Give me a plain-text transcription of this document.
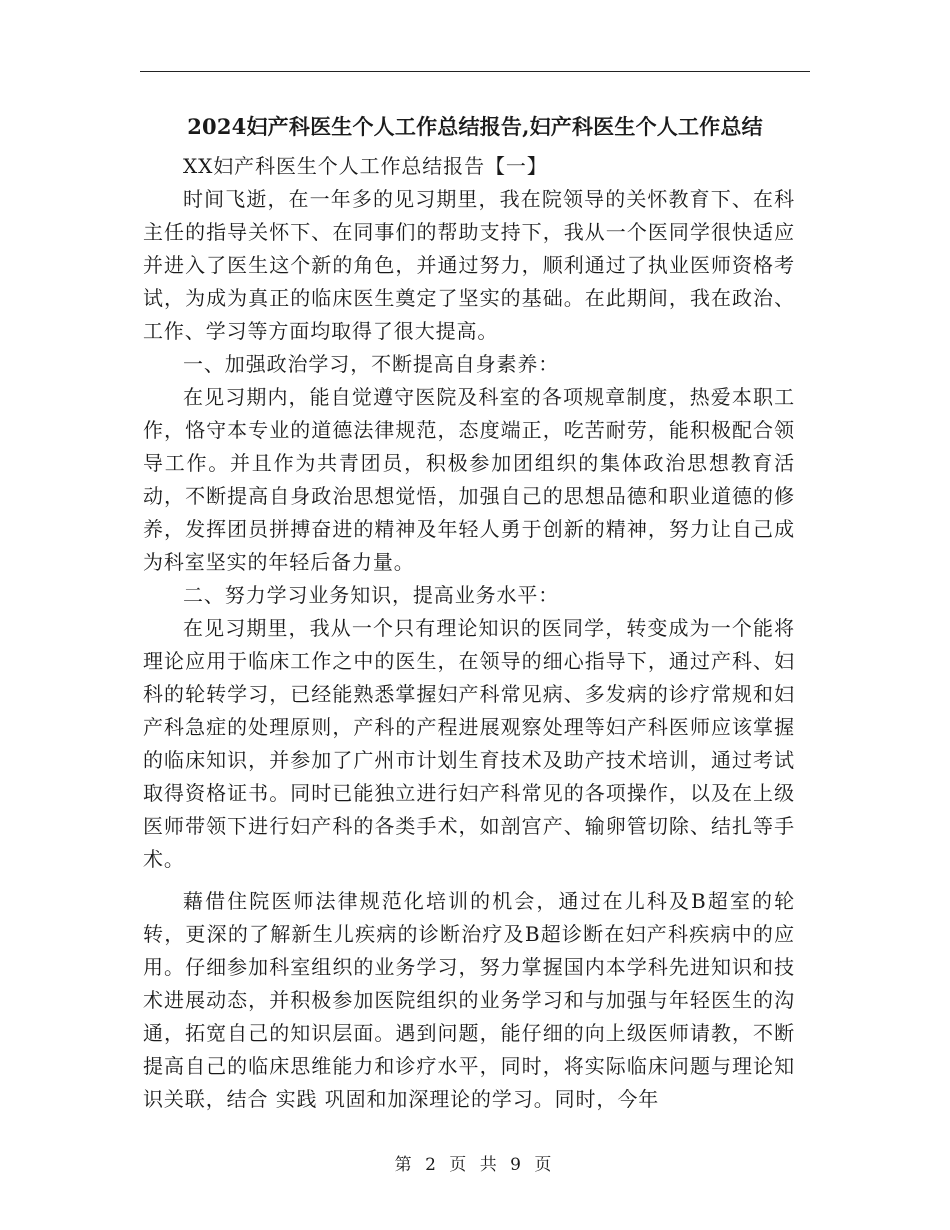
2024妇产科医生个人工作总结报告,妇产科医生个人工作总结

XX妇产科医生个人工作总结报告【一】

时间飞逝，在一年多的见习期里，我在院领导的关怀教育下、在科主任的指导关怀下、在同事们的帮助支持下，我从一个医同学很快适应并进入了医生这个新的角色，并通过努力，顺利通过了执业医师资格考试，为成为真正的临床医生奠定了坚实的基础。在此期间，我在政治、工作、学习等方面均取得了很大提高。

一、加强政治学习，不断提高自身素养：

在见习期内，能自觉遵守医院及科室的各项规章制度，热爱本职工作，恪守本专业的道德法律规范，态度端正，吃苦耐劳，能积极配合领导工作。并且作为共青团员，积极参加团组织的集体政治思想教育活动，不断提高自身政治思想觉悟，加强自己的思想品德和职业道德的修养，发挥团员拼搏奋进的精神及年轻人勇于创新的精神，努力让自己成为科室坚实的年轻后备力量。

二、努力学习业务知识，提高业务水平：

在见习期里，我从一个只有理论知识的医同学，转变成为一个能将理论应用于临床工作之中的医生，在领导的细心指导下，通过产科、妇科的轮转学习，已经能熟悉掌握妇产科常见病、多发病的诊疗常规和妇产科急症的处理原则，产科的产程进展观察处理等妇产科医师应该掌握的临床知识，并参加了广州市计划生育技术及助产技术培训，通过考试取得资格证书。同时已能独立进行妇产科常见的各项操作，以及在上级医师带领下进行妇产科的各类手术，如剖宫产、输卵管切除、结扎等手术。

藉借住院医师法律规范化培训的机会，通过在儿科及B超室的轮转，更深的了解新生儿疾病的诊断治疗及B超诊断在妇产科疾病中的应用。仔细参加科室组织的业务学习，努力掌握国内本学科先进知识和技术进展动态，并积极参加医院组织的业务学习和与加强与年轻医生的沟通，拓宽自己的知识层面。遇到问题，能仔细的向上级医师请教，不断提高自己的临床思维能力和诊疗水平，同时，将实际临床问题与理论知识关联，结合 实践 巩固和加深理论的学习。同时，今年

第 2 页 共 9 页
